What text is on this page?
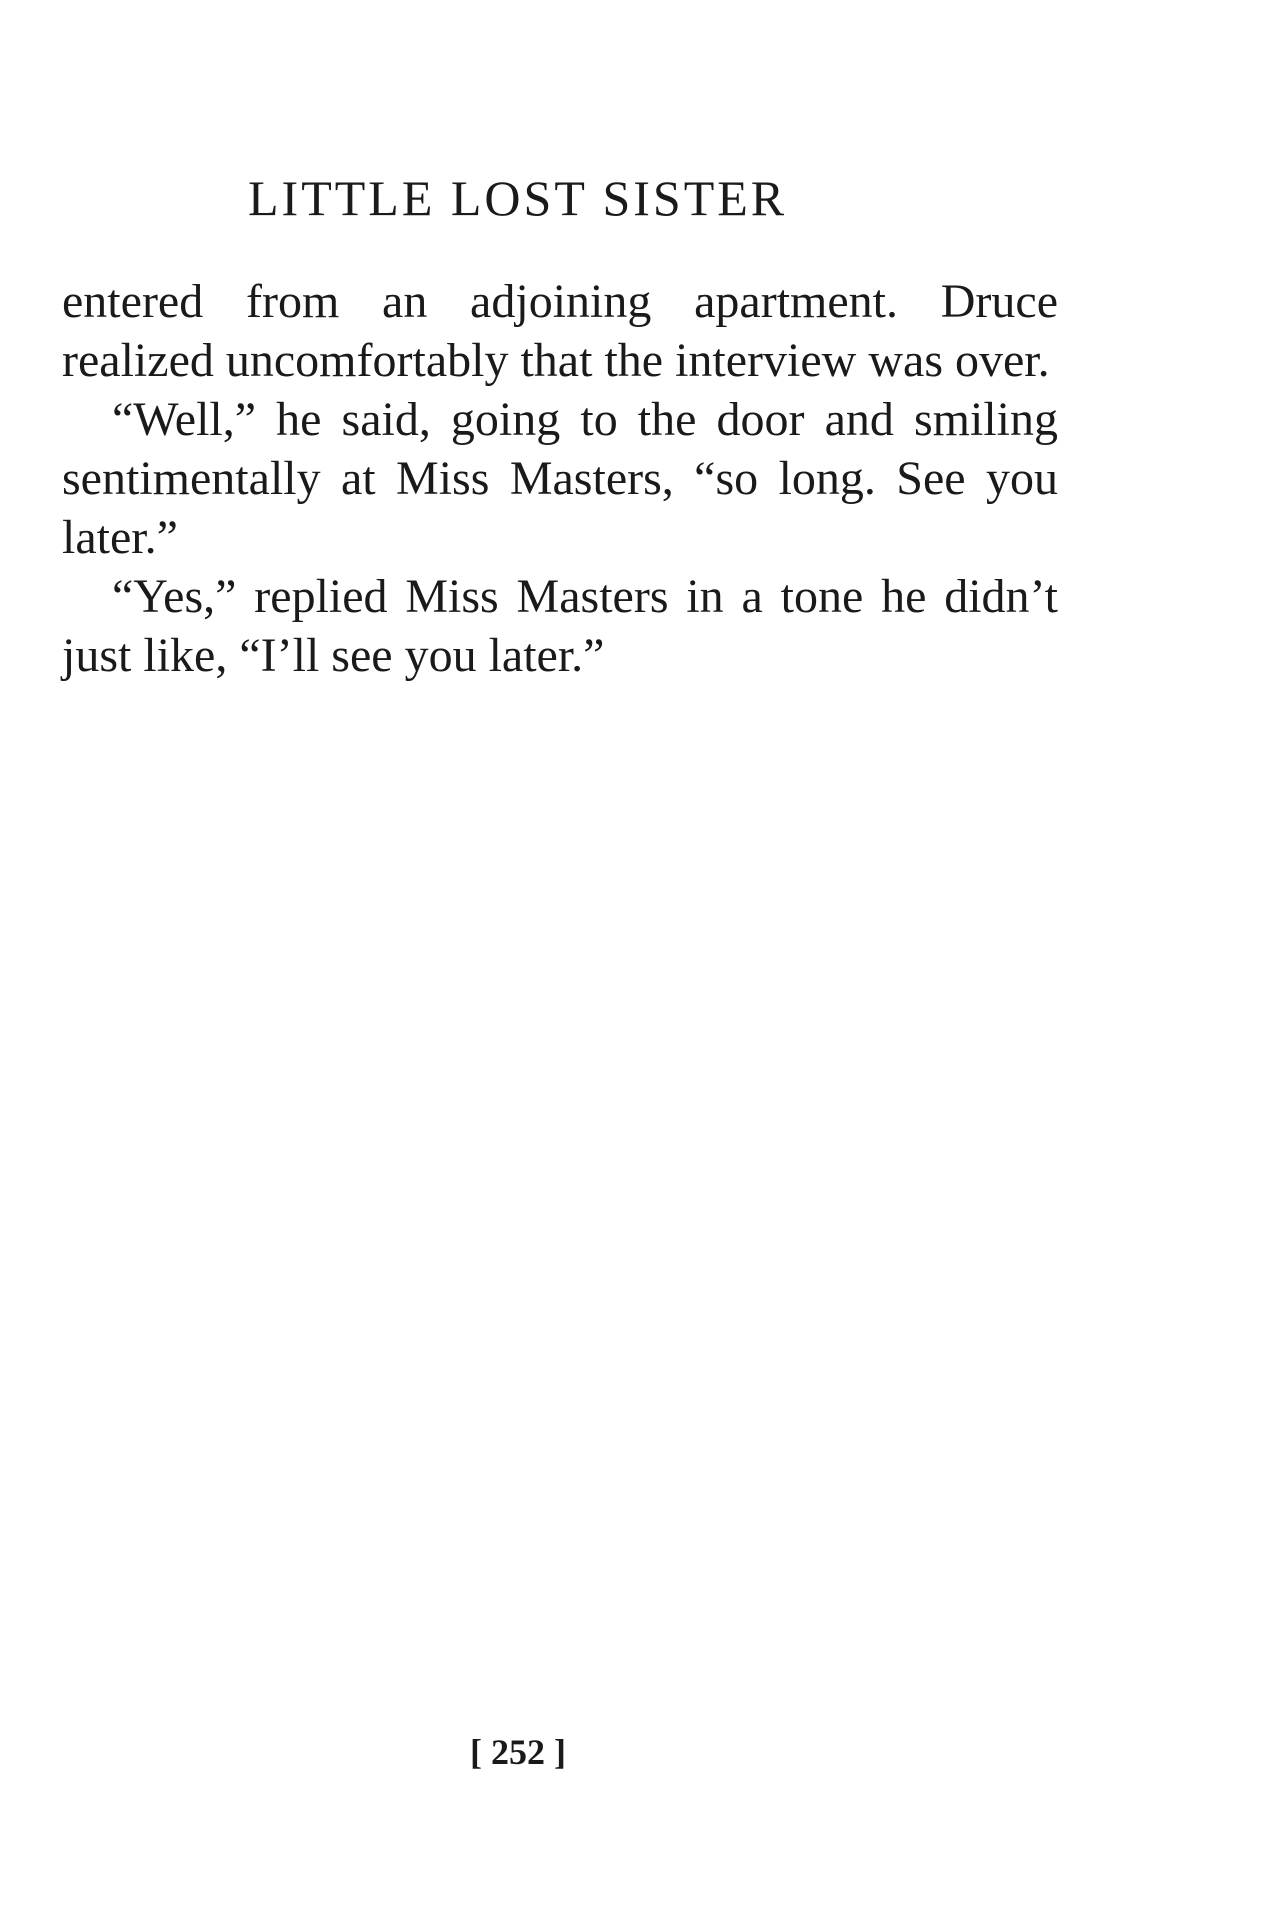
LITTLE LOST SISTER

entered from an adjoining apartment. Druce realized uncomfortably that the interview was over.

“Well,” he said, going to the door and smiling sentimentally at Miss Masters, “so long. See you later.”

“Yes,” replied Miss Masters in a tone he didn’t just like, “I’ll see you later.”

[ 252 ]
